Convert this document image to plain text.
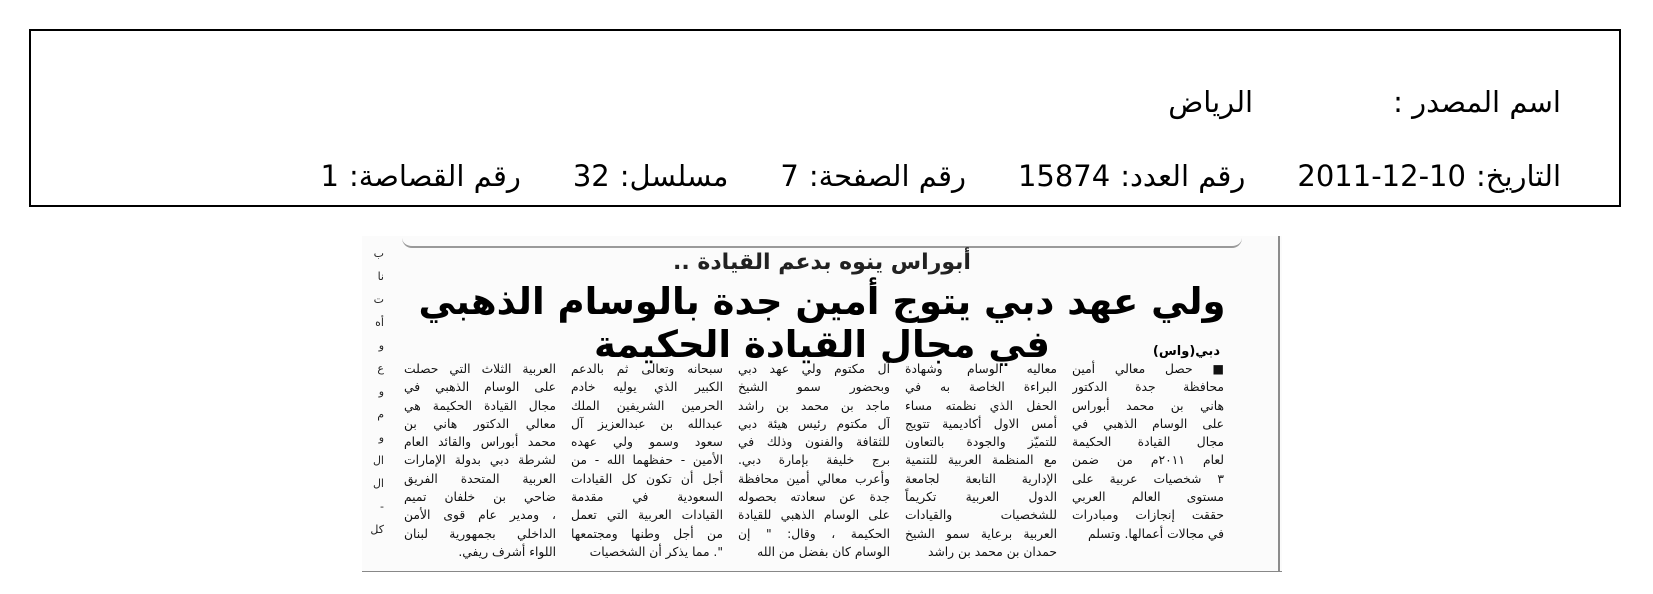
اسم المصدر :
الرياض
التاريخ:
2011-12-10
رقم العدد:
15874
رقم الصفحة:
7
مسلسل:
32
رقم القصاصة:
1
ب
نا
ت
أه
و
ع
و
م
و
ال
ال
-
كل
أبوراس ينوه بدعم القيادة ..
ولي عهد دبي يتوج أمين جدة بالوسام الذهبي في مجال القيادة الحكيمة	دبي(واس)
■ حصل معالي أمين
محافظة جدة الدكتور
هاني بن محمد أبوراس
على الوسام الذهبي في
مجال القيادة الحكيمة
لعام ٢٠١١م من ضمن
٣ شخصيات عربية على
مستوى العالم العربي
حققت إنجازات ومبادرات
في مجالات أعمالها. وتسلم
معاليه الوسام وشهادة
البراءة الخاصة به في
الحفل الذي نظمته مساء
أمس الاول أكاديمية تتويج
للتميّز والجودة بالتعاون
مع المنظمة العربية للتنمية
الإدارية التابعة لجامعة
الدول العربية تكريماً
للشخصيات والقيادات
العربية برعاية سمو الشيخ
حمدان بن محمد بن راشد
آل مكتوم ولي عهد دبي
وبحضور سمو الشيخ
ماجد بن محمد بن راشد
آل مكتوم رئيس هيئة دبي
للثقافة والفنون وذلك في
برج خليفة بإمارة دبي.
وأعرب معالي أمين محافظة
جدة عن سعادته بحصوله
على الوسام الذهبي للقيادة
الحكيمة ، وقال: " إن
الوسام كان بفضل من الله
سبحانه وتعالى ثم بالدعم
الكبير الذي يوليه خادم
الحرمين الشريفين الملك
عبدالله بن عبدالعزيز آل
سعود وسمو ولي عهده
الأمين - حفظهما الله - من
أجل أن تكون كل القيادات
السعودية في مقدمة
القيادات العربية التي تعمل
من أجل وطنها ومجتمعها
". مما يذكر أن الشخصيات
العربية الثلاث التي حصلت
على الوسام الذهبي في
مجال القيادة الحكيمة هي
معالي الدكتور هاني بن
محمد أبوراس والقائد العام
لشرطة دبي بدولة الإمارات
العربية المتحدة الفريق
ضاحي بن خلفان تميم
، ومدير عام قوى الأمن
الداخلي بجمهورية لبنان
اللواء أشرف ريفي.
